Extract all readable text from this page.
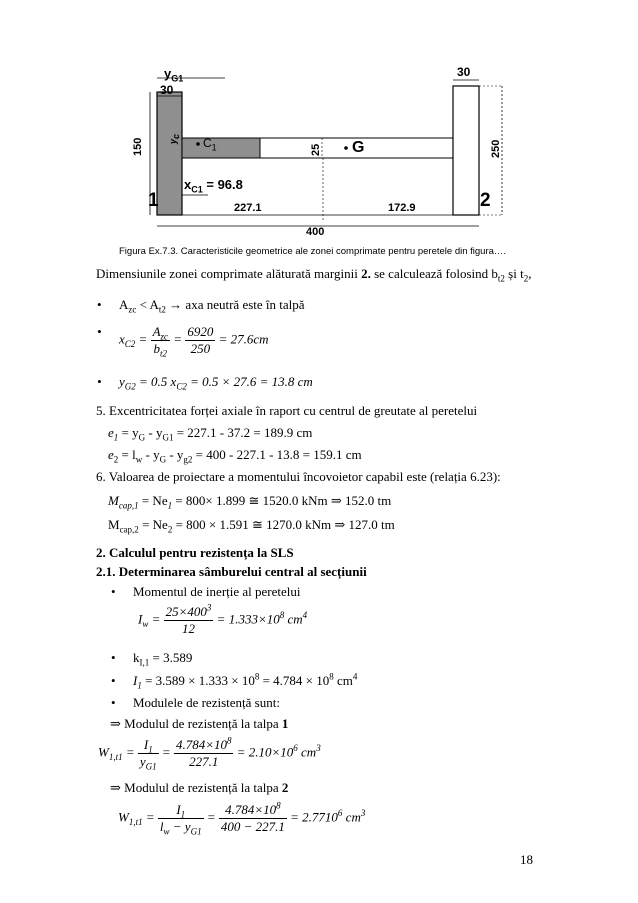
$y_{G1}$
30
30
150	$y_c$ $C_1$	25 G	250
$x_{C1} = 96.8$
1	2
227.1	172.9
400
Figura Ex.7.3. Caracteristicile geometrice ale zonei comprimate pentru peretele din figura….
Dimensiunile zonei comprimate alăturată marginii 2. se calculează folosind $b_{t2}$ și $t_2$,
• $A_{zc} < A_{t2}$ → axa neutră este în talpă
• $x_{C2} = \frac{A_{zc}}{b_{t2}} = \frac{6920}{250} = 27.6cm$
• $y_{G2} = 0.5$ $x_{C2} = 0.5 \times 27.6 = 13.8$ cm
5. Excentricitatea forței axiale în raport cu centrul de greutate al peretelui
$e_1 = y_G - y_{G1} = 227.1 - 37.2 = 189.9$ cm
$e_2 = l_w - y_G - y_{g2} = 400 - 227.1 - 13.8 = 159.1$ cm
6. Valoarea de proiectare a momentului încovoietor capabil este (relația 6.23):
$M_{cap,1} = Ne_1 = 800\times 1.899$ ≅ 1520.0 kNm ⇒ 152.0 tm
$M_{cap,2} = Ne_2 = 800 \times 1.591$ ≅ 1270.0 kNm ⇒ 127.0 tm
2. Calculul pentru rezistența la SLS
2.1. Determinarea sâmburelui central al secțiunii
• Momentul de inerție al peretelui
$I_w = \frac{25\times 400^3}{12} = 1.333\times 10^8$ $cm^4$
• $k_{I,1} = 3.589$
• $I_1 = 3.589 \times 1.333 \times 10^8 = 4.784 \times 10^8$ $cm^4$
• Modulele de rezistență sunt:
⇒ Modulul de rezistență la talpa 1
$W_{1,t1} = \frac{I_1}{y_{G1}} = \frac{4.784\times 10^8}{227.1} = 2.10\times 10^6$ $cm^3$
⇒ Modulul de rezistență la talpa 2
$W_{1,t1} = \frac{I_1}{l_w - y_{G1}} = \frac{4.784\times 10^8}{400 - 227.1} = 2.7710^6$ $cm^3$
18
